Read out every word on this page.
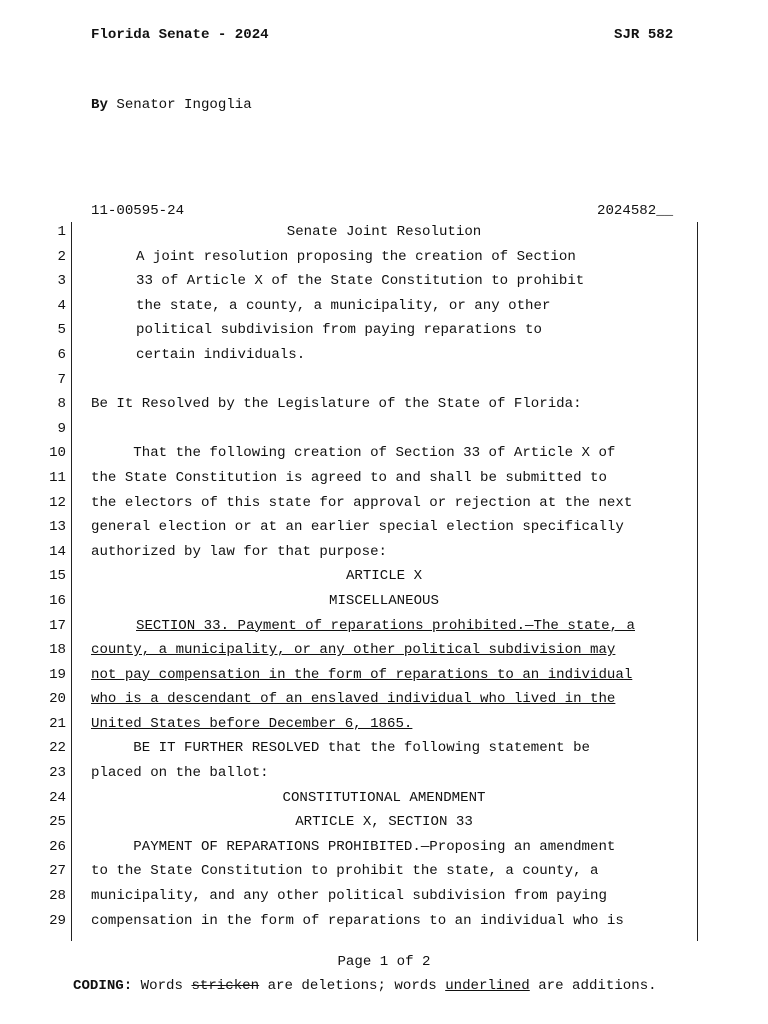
Florida Senate - 2024	SJR 582
By Senator Ingoglia
11-00595-24	2024582__
1	Senate Joint Resolution
2	A joint resolution proposing the creation of Section
3	33 of Article X of the State Constitution to prohibit
4	the state, a county, a municipality, or any other
5	political subdivision from paying reparations to
6	certain individuals.
7
8 Be It Resolved by the Legislature of the State of Florida:
9
10 That the following creation of Section 33 of Article X of
11 the State Constitution is agreed to and shall be submitted to
12 the electors of this state for approval or rejection at the next
13 general election or at an earlier special election specifically
14 authorized by law for that purpose:
15	ARTICLE X
16	MISCELLANEOUS
17	SECTION 33. Payment of reparations prohibited.—The state, a
18 county, a municipality, or any other political subdivision may
19 not pay compensation in the form of reparations to an individual
20 who is a descendant of an enslaved individual who lived in the
21 United States before December 6, 1865.
22 BE IT FURTHER RESOLVED that the following statement be
23 placed on the ballot:
24	CONSTITUTIONAL AMENDMENT
25	ARTICLE X, SECTION 33
26 PAYMENT OF REPARATIONS PROHIBITED.—Proposing an amendment
27 to the State Constitution to prohibit the state, a county, a
28 municipality, and any other political subdivision from paying
29 compensation in the form of reparations to an individual who is
Page 1 of 2
CODING: Words stricken are deletions; words underlined are additions.
